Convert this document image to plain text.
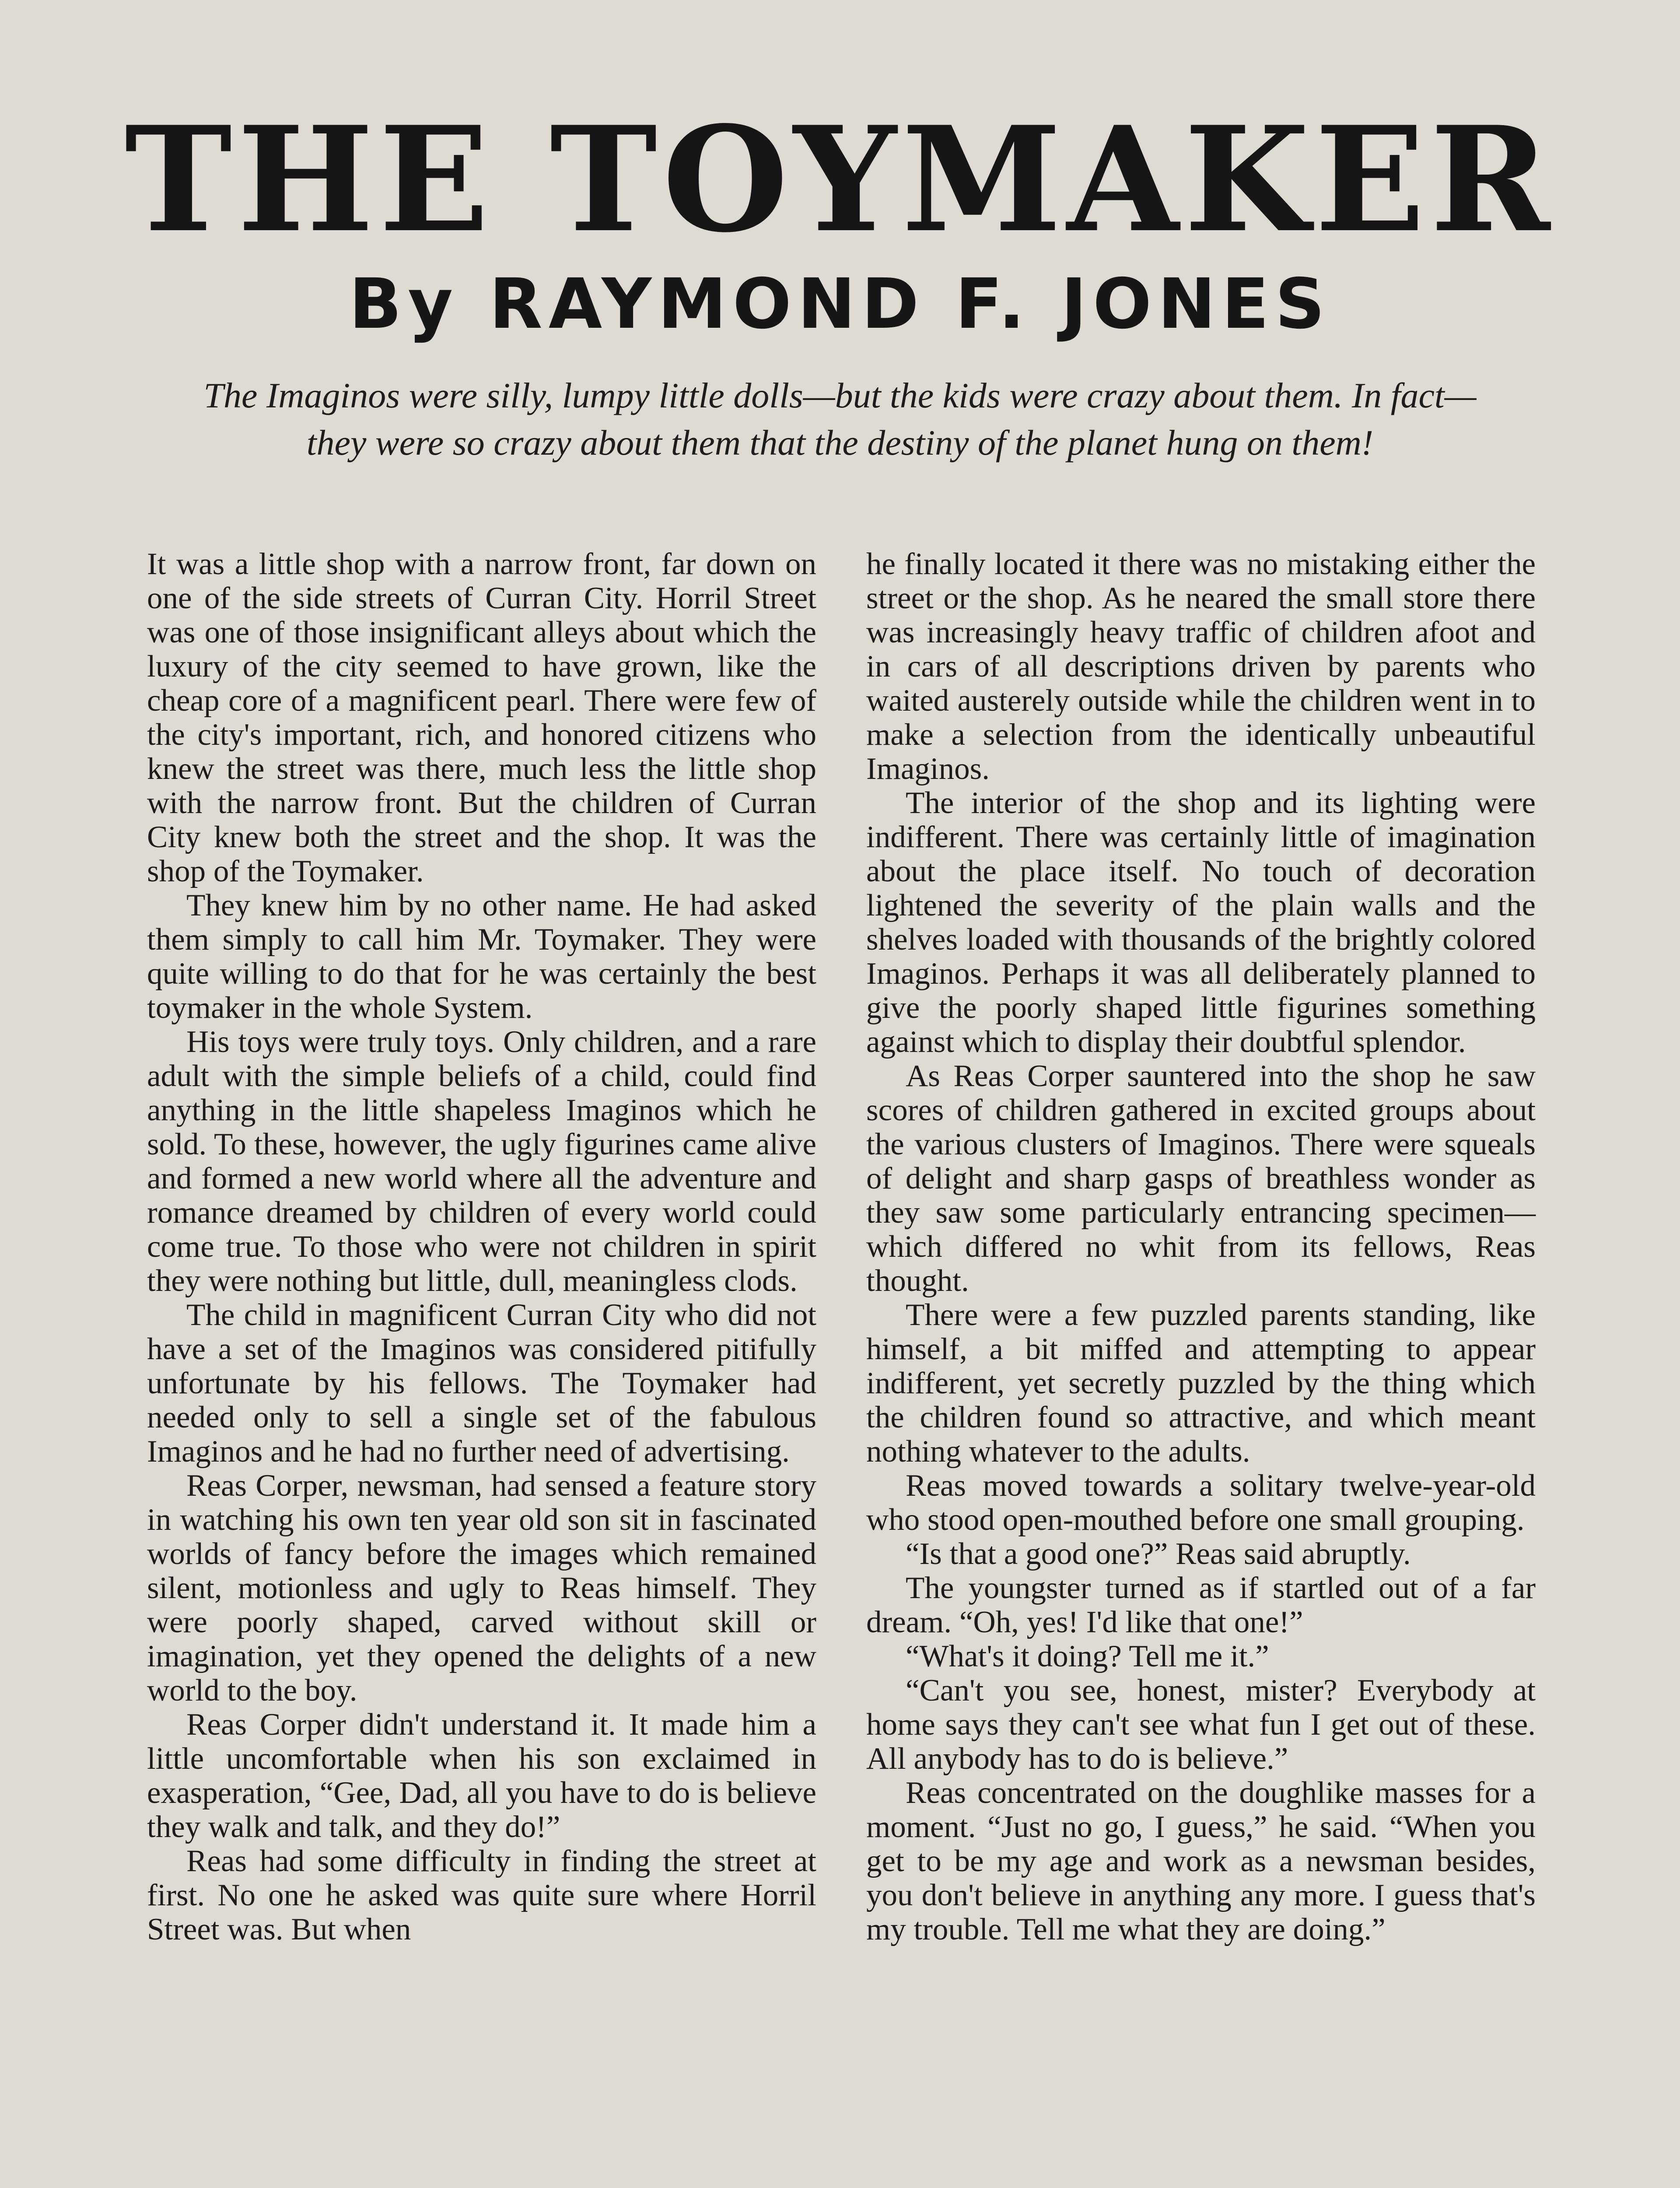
THE TOYMAKER
By RAYMOND F. JONES
The Imaginos were silly, lumpy little dolls—but the kids were crazy about them. In fact—they were so crazy about them that the destiny of the planet hung on them!

It was a little shop with a narrow front, far down on one of the side streets of Curran City. Horril Street was one of those insignificant alleys about which the luxury of the city seemed to have grown, like the cheap core of a magnificent pearl. There were few of the city's important, rich, and honored citizens who knew the street was there, much less the little shop with the narrow front. But the children of Curran City knew both the street and the shop. It was the shop of the Toymaker.

They knew him by no other name. He had asked them simply to call him Mr. Toymaker. They were quite willing to do that for he was certainly the best toymaker in the whole System.

His toys were truly toys. Only children, and a rare adult with the simple beliefs of a child, could find anything in the little shapeless Imaginos which he sold. To these, however, the ugly figurines came alive and formed a new world where all the adventure and romance dreamed by children of every world could come true. To those who were not children in spirit they were nothing but little, dull, meaningless clods.

The child in magnificent Curran City who did not have a set of the Imaginos was considered pitifully unfortunate by his fellows. The Toymaker had needed only to sell a single set of the fabulous Imaginos and he had no further need of advertising.

Reas Corper, newsman, had sensed a feature story in watching his own ten year old son sit in fascinated worlds of fancy before the images which remained silent, motionless and ugly to Reas himself. They were poorly shaped, carved without skill or imagination, yet they opened the delights of a new world to the boy.

Reas Corper didn't understand it. It made him a little uncomfortable when his son exclaimed in exasperation, “Gee, Dad, all you have to do is believe they walk and talk, and they do!”

Reas had some difficulty in finding the street at first. No one he asked was quite sure where Horril Street was. But when

he finally located it there was no mistaking either the street or the shop. As he neared the small store there was increasingly heavy traffic of children afoot and in cars of all descriptions driven by parents who waited austerely outside while the children went in to make a selection from the identically unbeautiful Imaginos.

The interior of the shop and its lighting were indifferent. There was certainly little of imagination about the place itself. No touch of decoration lightened the severity of the plain walls and the shelves loaded with thousands of the brightly colored Imaginos. Perhaps it was all deliberately planned to give the poorly shaped little figurines something against which to display their doubtful splendor.

As Reas Corper sauntered into the shop he saw scores of children gathered in excited groups about the various clusters of Imaginos. There were squeals of delight and sharp gasps of breathless wonder as they saw some particularly entrancing specimen—which differed no whit from its fellows, Reas thought.

There were a few puzzled parents standing, like himself, a bit miffed and attempting to appear indifferent, yet secretly puzzled by the thing which the children found so attractive, and which meant nothing whatever to the adults.

Reas moved towards a solitary twelve-year-old who stood open-mouthed before one small grouping.

“Is that a good one?” Reas said abruptly.

The youngster turned as if startled out of a far dream. “Oh, yes! I'd like that one!”

“What's it doing? Tell me it.”

“Can't you see, honest, mister? Everybody at home says they can't see what fun I get out of these. All anybody has to do is believe.”

Reas concentrated on the doughlike masses for a moment. “Just no go, I guess,” he said. “When you get to be my age and work as a newsman besides, you don't believe in anything any more. I guess that's my trouble. Tell me what they are doing.”
